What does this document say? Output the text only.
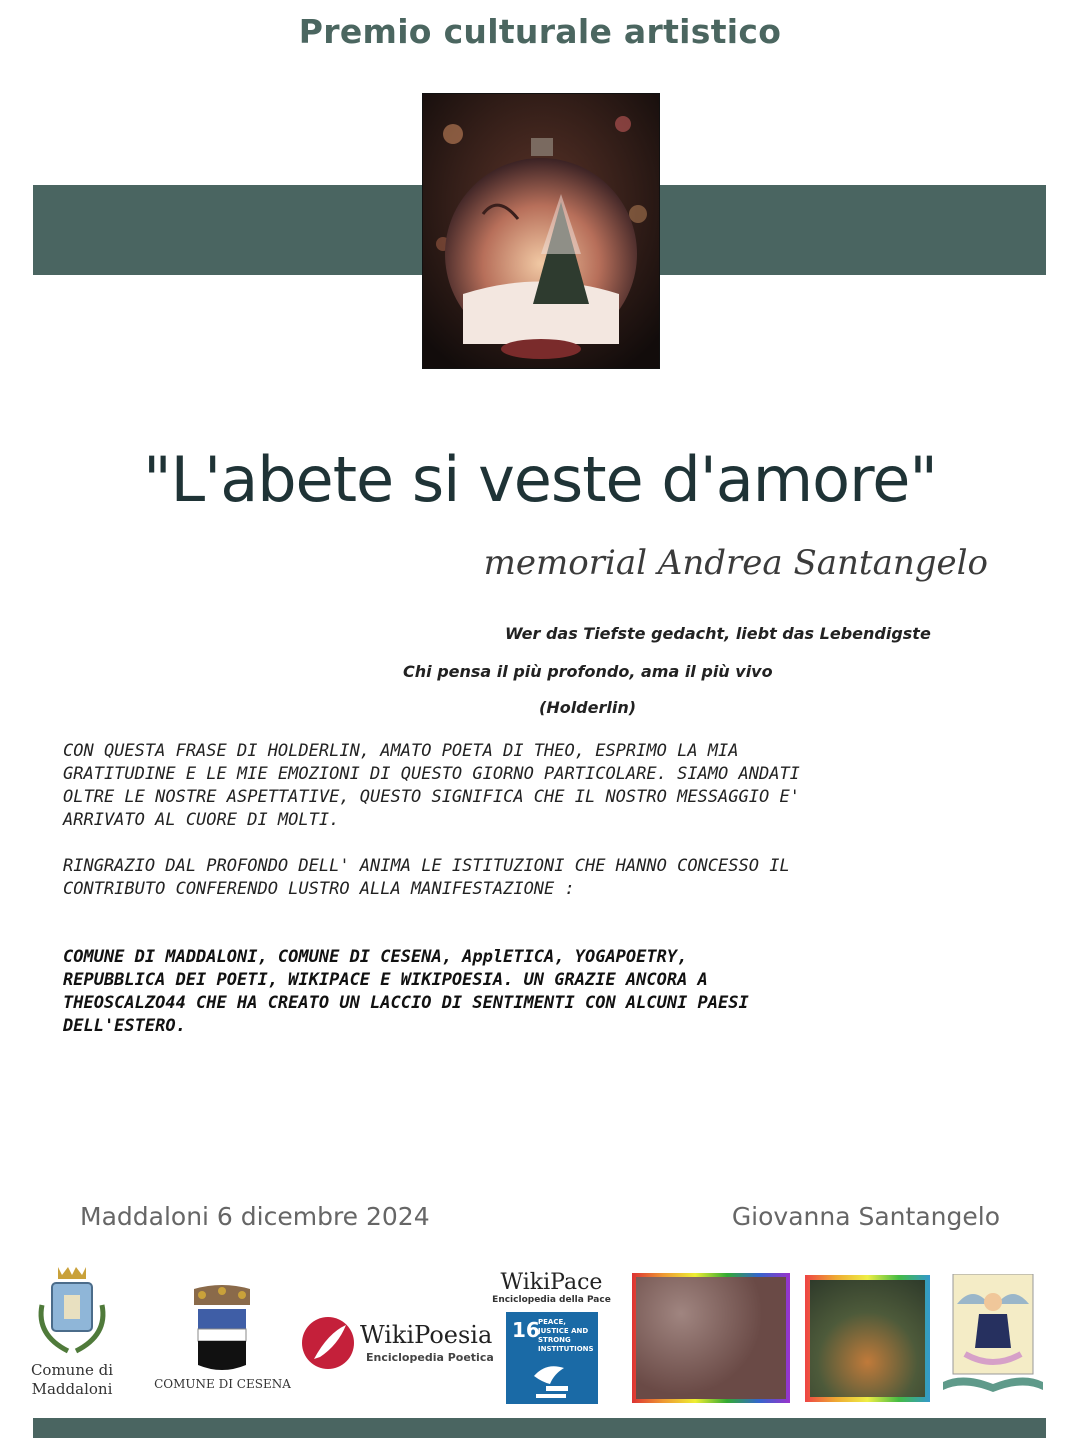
Premio culturale artistico
"L'abete si veste d'amore"
memorial Andrea Santangelo
Wer das Tiefste gedacht, liebt das Lebendigste
Chi pensa il più profondo, ama il più vivo
(Holderlin)
CON QUESTA FRASE DI HOLDERLIN, AMATO POETA DI THEO, ESPRIMO LA MIA
GRATITUDINE E LE MIE EMOZIONI DI QUESTO GIORNO PARTICOLARE. SIAMO ANDATI
OLTRE LE NOSTRE ASPETTATIVE, QUESTO SIGNIFICA CHE IL NOSTRO MESSAGGIO E'
ARRIVATO AL CUORE DI MOLTI.
RINGRAZIO DAL PROFONDO DELL' ANIMA LE ISTITUZIONI CHE HANNO CONCESSO IL
CONTRIBUTO CONFERENDO LUSTRO ALLA MANIFESTAZIONE :
COMUNE DI MADDALONI, COMUNE DI CESENA, ApplETICA, YOGAPOETRY,
REPUBBLICA DEI POETI, WIKIPACE E WIKIPOESIA. UN GRAZIE ANCORA A
THEOSCALZO44 CHE HA CREATO UN LACCIO DI SENTIMENTI CON ALCUNI PAESI
DELL'ESTERO.
Maddaloni 6 dicembre 2024	Giovanna Santangelo
Comune di
Maddaloni	COMUNE DI CESENA
WikiPoesia
Enciclopedia Poetica
WikiPace
Enciclopedia della Pace
16
PEACE, JUSTICE AND STRONG INSTITUTIONS
